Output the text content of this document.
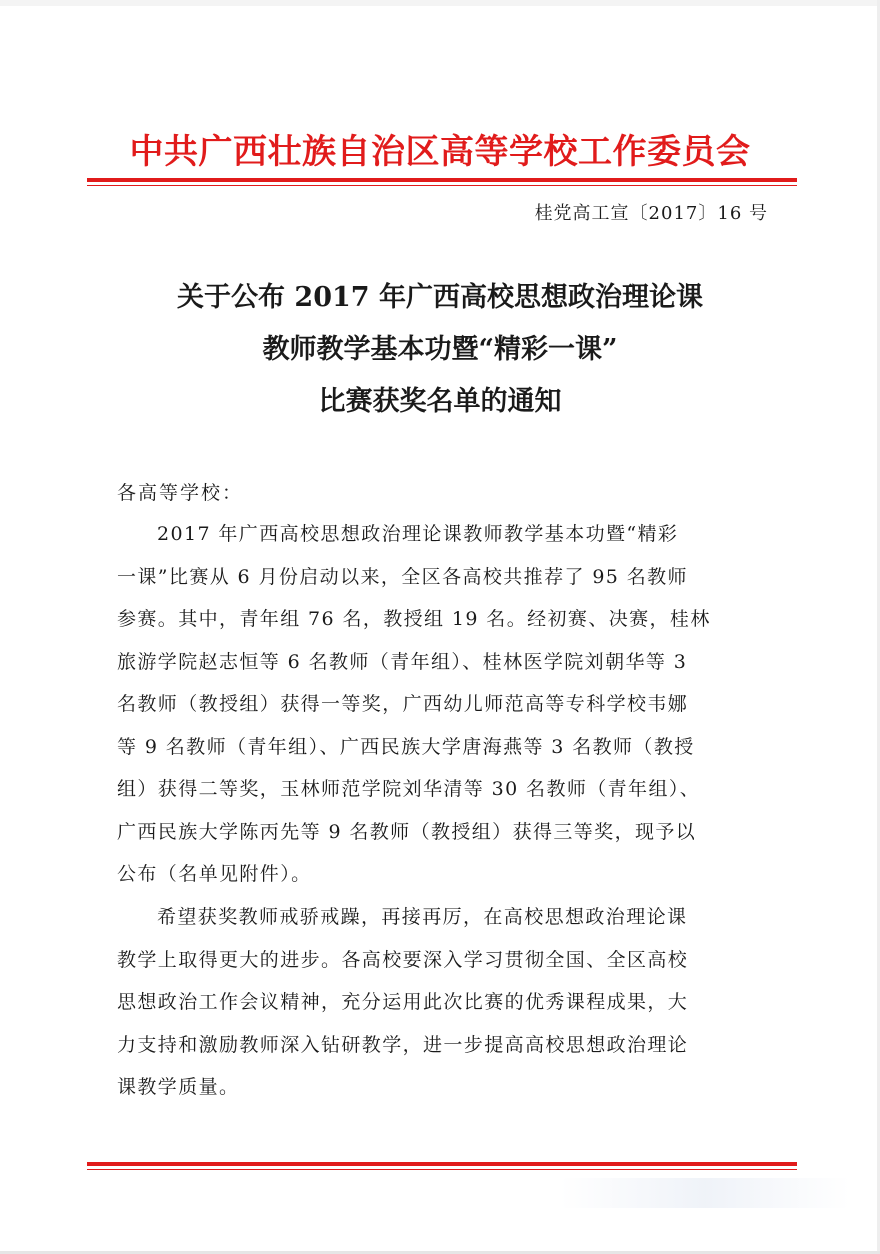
中共广西壮族自治区高等学校工作委员会
桂党高工宣〔2017〕16 号
关于公布 2017 年广西高校思想政治理论课
教师教学基本功暨“精彩一课”
比赛获奖名单的通知
各高等学校：
2017 年广西高校思想政治理论课教师教学基本功暨“精彩
一课”比赛从 6 月份启动以来，全区各高校共推荐了 95 名教师
参赛。其中，青年组 76 名，教授组 19 名。经初赛、决赛，桂林
旅游学院赵志恒等 6 名教师（青年组）、桂林医学院刘朝华等 3
名教师（教授组）获得一等奖，广西幼儿师范高等专科学校韦娜
等 9 名教师（青年组）、广西民族大学唐海燕等 3 名教师（教授
组）获得二等奖，玉林师范学院刘华清等 30 名教师（青年组）、
广西民族大学陈丙先等 9 名教师（教授组）获得三等奖，现予以
公布（名单见附件）。
希望获奖教师戒骄戒躁，再接再厉，在高校思想政治理论课
教学上取得更大的进步。各高校要深入学习贯彻全国、全区高校
思想政治工作会议精神，充分运用此次比赛的优秀课程成果，大
力支持和激励教师深入钻研教学，进一步提高高校思想政治理论
课教学质量。
